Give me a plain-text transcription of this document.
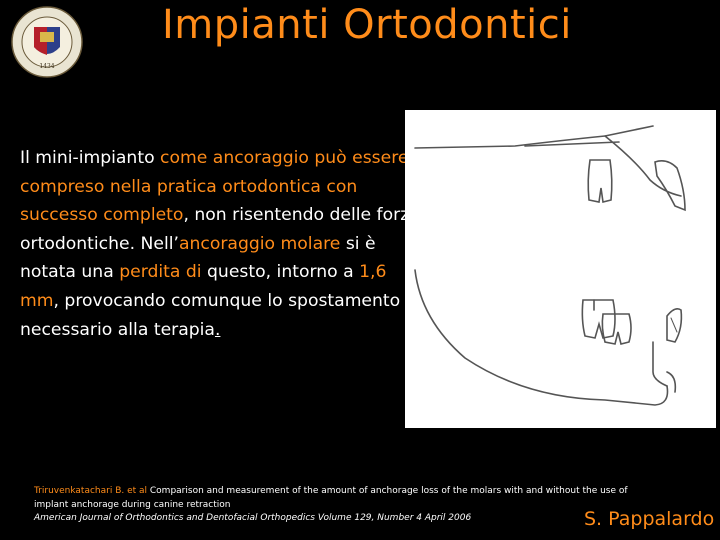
1434
Impianti Ortodontici
Il mini-impianto come ancoraggio può essere compreso nella pratica ortodontica con successo completo, non risentendo delle forze ortodontiche. Nell’ancoraggio molare si è notata una perdita di questo, intorno a 1,6 mm, provocando comunque lo spostamento necessario alla terapia.
Triruvenkatachari B. et al Comparison and measurement of the amount of anchorage loss of the molars with and without the use of implant anchorage during canine retraction
American Journal of Orthodontics and Dentofacial Orthopedics Volume 129, Number 4 April 2006	S. Pappalardo
